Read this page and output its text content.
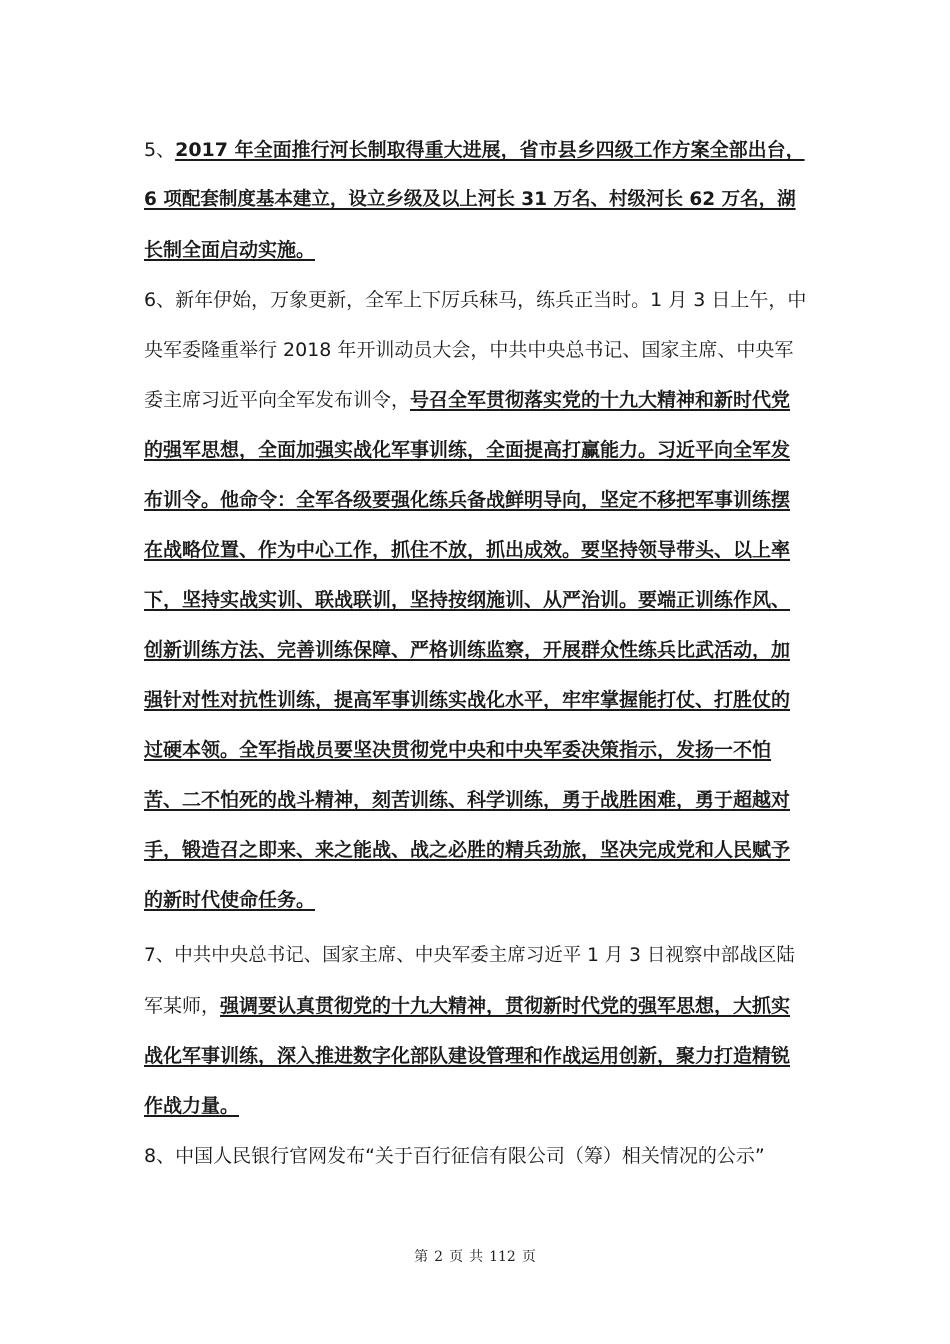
5、2017 年全面推行河长制取得重大进展，省市县乡四级工作方案全部出台，
6 项配套制度基本建立，设立乡级及以上河长 31 万名、村级河长 62 万名，湖
长制全面启动实施。
6、新年伊始，万象更新，全军上下厉兵秣马，练兵正当时。1 月 3 日上午，中
央军委隆重举行 2018 年开训动员大会，中共中央总书记、国家主席、中央军
委主席习近平向全军发布训令，号召全军贯彻落实党的十九大精神和新时代党
的强军思想，全面加强实战化军事训练，全面提高打赢能力。习近平向全军发
布训令。他命令：全军各级要强化练兵备战鲜明导向，坚定不移把军事训练摆
在战略位置、作为中心工作，抓住不放，抓出成效。要坚持领导带头、以上率
下，坚持实战实训、联战联训，坚持按纲施训、从严治训。要端正训练作风、
创新训练方法、完善训练保障、严格训练监察，开展群众性练兵比武活动，加
强针对性对抗性训练，提高军事训练实战化水平，牢牢掌握能打仗、打胜仗的
过硬本领。全军指战员要坚决贯彻党中央和中央军委决策指示，发扬一不怕
苦、二不怕死的战斗精神，刻苦训练、科学训练，勇于战胜困难，勇于超越对
手，锻造召之即来、来之能战、战之必胜的精兵劲旅，坚决完成党和人民赋予
的新时代使命任务。
7、中共中央总书记、国家主席、中央军委主席习近平 1 月 3 日视察中部战区陆
军某师，强调要认真贯彻党的十九大精神，贯彻新时代党的强军思想，大抓实
战化军事训练，深入推进数字化部队建设管理和作战运用创新，聚力打造精锐
作战力量。
8、中国人民银行官网发布“关于百行征信有限公司（筹）相关情况的公示”
第 2 页 共 112 页
